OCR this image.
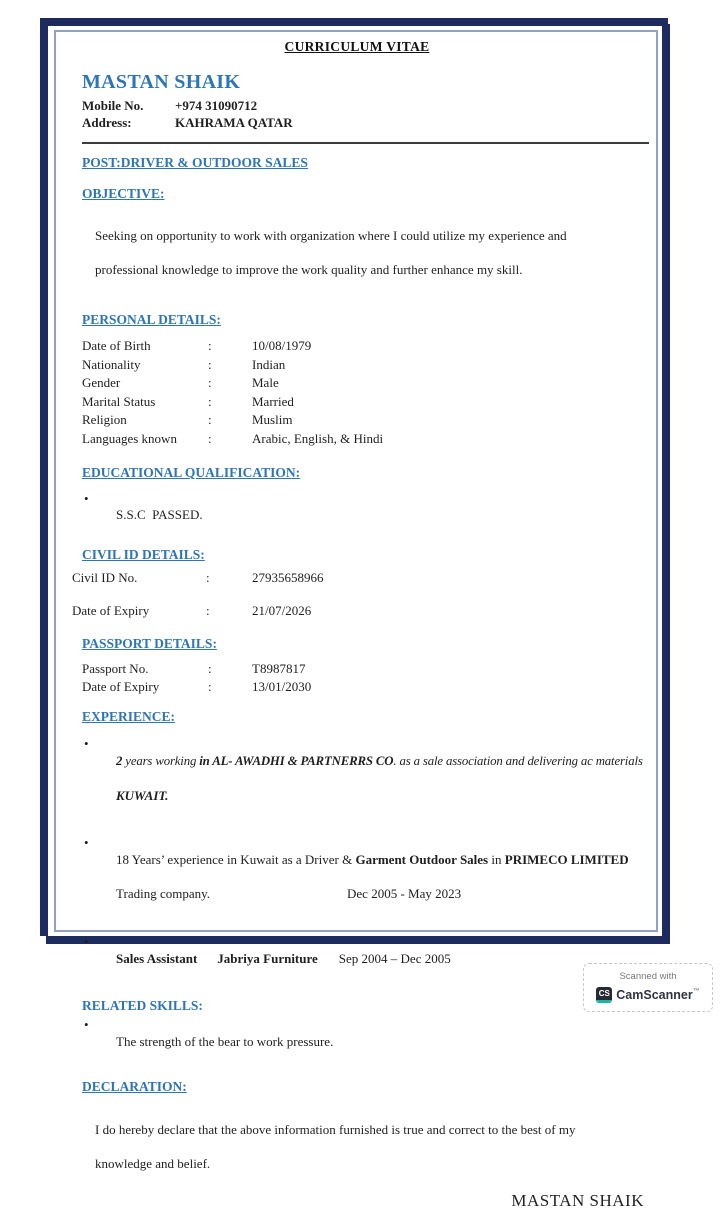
CURRICULUM VITAE
MASTAN SHAIK
Mobile No. +974 31090712
Address:	KAHRAMA QATAR
POST:DRIVER & OUTDOOR SALES
OBJECTIVE:

Seeking on opportunity to work with organization where I could utilize my experience and

professional knowledge to improve the work quality and further enhance my skill.

PERSONAL DETAILS:
Date of Birth	:	10/08/1979
Nationality	:	Indian
Gender	:	Male
Marital Status	:	Married
Religion	:	Muslim
Languages known	:	Arabic, English, & Hindi
EDUCATIONAL QUALIFICATION:

•
S.S.C  PASSED.

CIVIL ID DETAILS:
Civil ID No.	:	27935658966
Date of Expiry	:	21/07/2026
PASSPORT DETAILS:
Passport No.	:	T8987817
Date of Expiry	:	13/01/2030
EXPERIENCE:

•
2 years working in AL- AWADHI & PARTNERRS CO. as a sale association and delivering ac materials

KUWAIT.

•
18 Years’ experience in Kuwait as a Driver & Garment Outdoor Sales in PRIMECO LIMITED

Trading company.	Dec 2005 - May 2023

•
Sales Assistant Jabriya Furniture Sep 2004 – Dec 2005

RELATED SKILLS:

•
The strength of the bear to work pressure.

DECLARATION:

I do hereby declare that the above information furnished is true and correct to the best of my

knowledge and belief.

MASTAN SHAIK
Scanned with
CS CamScanner™
